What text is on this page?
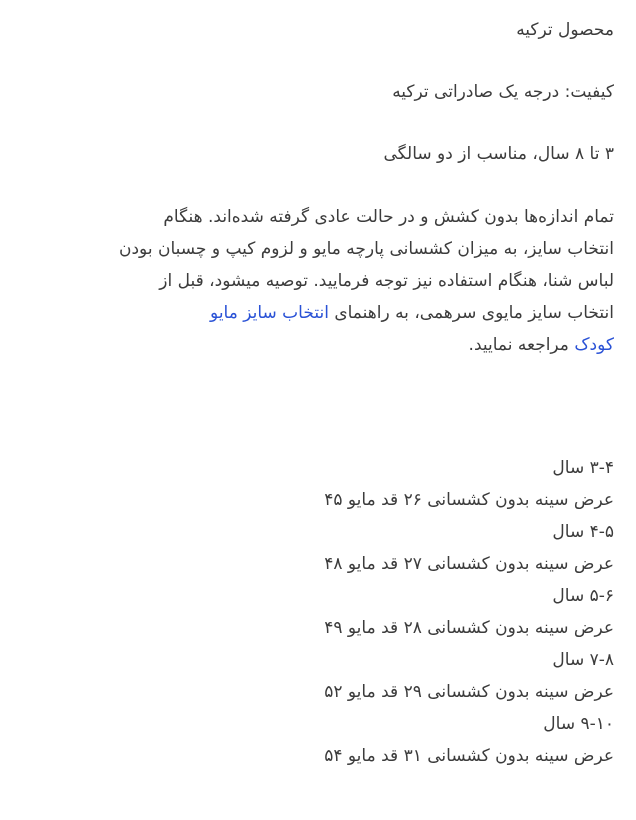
محصول ترکیه

کیفیت: درجه یک صادراتی ترکیه

۳ تا ۸ سال، مناسب از دو سالگی

تمام اندازه‌ها بدون کشش و در حالت عادی گرفته شده‌اند. هنگام
انتخاب سایز، به میزان کشسانی پارچه مایو و لزوم کیپ و چسبان بودن
لباس شنا، هنگام استفاده نیز توجه فرمایید. توصیه میشود، قبل از
انتخاب سایز مایوی سرهمی، به راهنمای انتخاب سایز مایو
کودک مراجعه نمایید.
۳-۴ سال
عرض سینه بدون کشسانی ۲۶ قد مایو ۴۵
۴-۵ سال
عرض سینه بدون کشسانی ۲۷ قد مایو ۴۸
۵-۶ سال
عرض سینه بدون کشسانی ۲۸ قد مایو ۴۹
۷-۸ سال
عرض سینه بدون کشسانی ۲۹ قد مایو ۵۲
۹-۱۰ سال
عرض سینه بدون کشسانی ۳۱ قد مایو ۵۴
